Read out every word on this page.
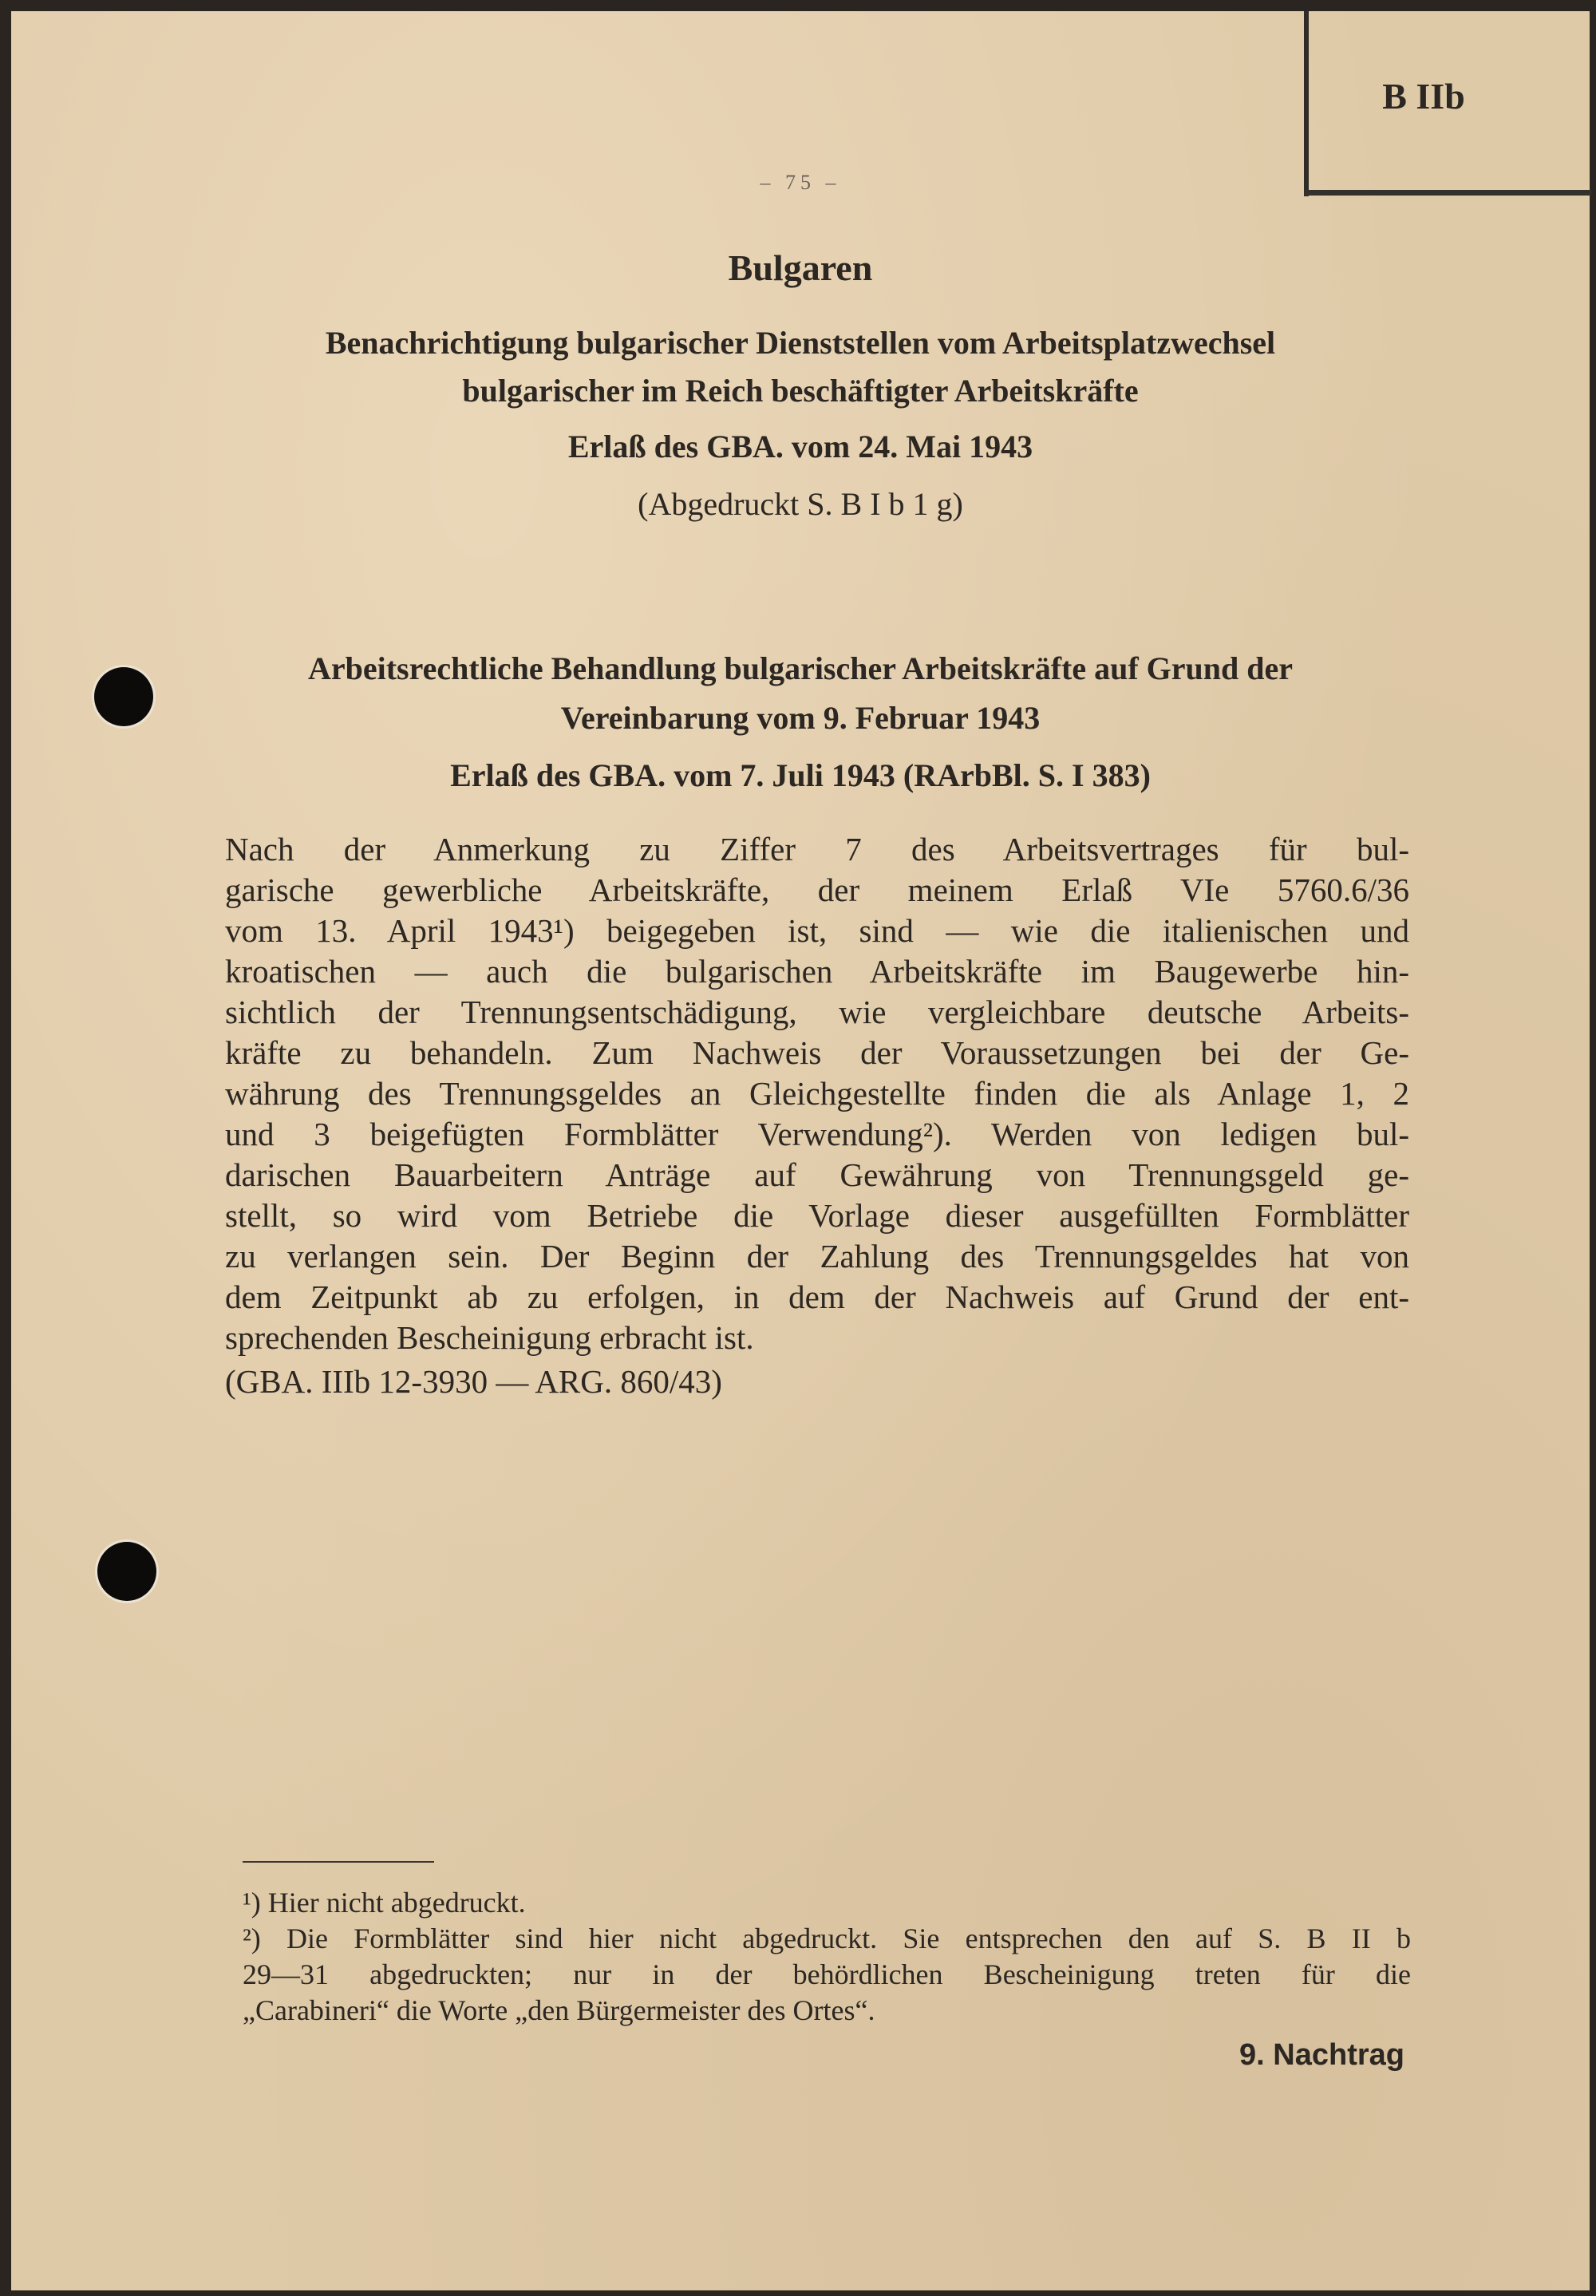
B IIb
– 75 –
Bulgaren
Benachrichtigung bulgarischer Dienststellen vom Arbeitsplatzwechsel
bulgarischer im Reich beschäftigter Arbeitskräfte
Erlaß des GBA. vom 24. Mai 1943
(Abgedruckt S. B I b 1 g)
Arbeitsrechtliche Behandlung bulgarischer Arbeitskräfte auf Grund der
Vereinbarung vom 9. Februar 1943
Erlaß des GBA. vom 7. Juli 1943 (RArbBl. S. I 383)
Nach der Anmerkung zu Ziffer 7 des Arbeitsvertrages für bul-
garische gewerbliche Arbeitskräfte, der meinem Erlaß VIe 5760.6/36
vom 13. April 1943¹) beigegeben ist, sind — wie die italienischen und
kroatischen — auch die bulgarischen Arbeitskräfte im Baugewerbe hin-
sichtlich der Trennungsentschädigung, wie vergleichbare deutsche Arbeits-
kräfte zu behandeln. Zum Nachweis der Voraussetzungen bei der Ge-
währung des Trennungsgeldes an Gleichgestellte finden die als Anlage 1, 2
und 3 beigefügten Formblätter Verwendung²). Werden von ledigen bul-
darischen Bauarbeitern Anträge auf Gewährung von Trennungsgeld ge-
stellt, so wird vom Betriebe die Vorlage dieser ausgefüllten Formblätter
zu verlangen sein. Der Beginn der Zahlung des Trennungsgeldes hat von
dem Zeitpunkt ab zu erfolgen, in dem der Nachweis auf Grund der ent-
sprechenden Bescheinigung erbracht ist.
(GBA. IIIb 12-3930 — ARG. 860/43)
¹) Hier nicht abgedruckt.
²) Die Formblätter sind hier nicht abgedruckt. Sie entsprechen den auf S. B II b
29—31 abgedruckten; nur in der behördlichen Bescheinigung treten für die
„Carabineri“ die Worte „den Bürgermeister des Ortes“.
9. Nachtrag
